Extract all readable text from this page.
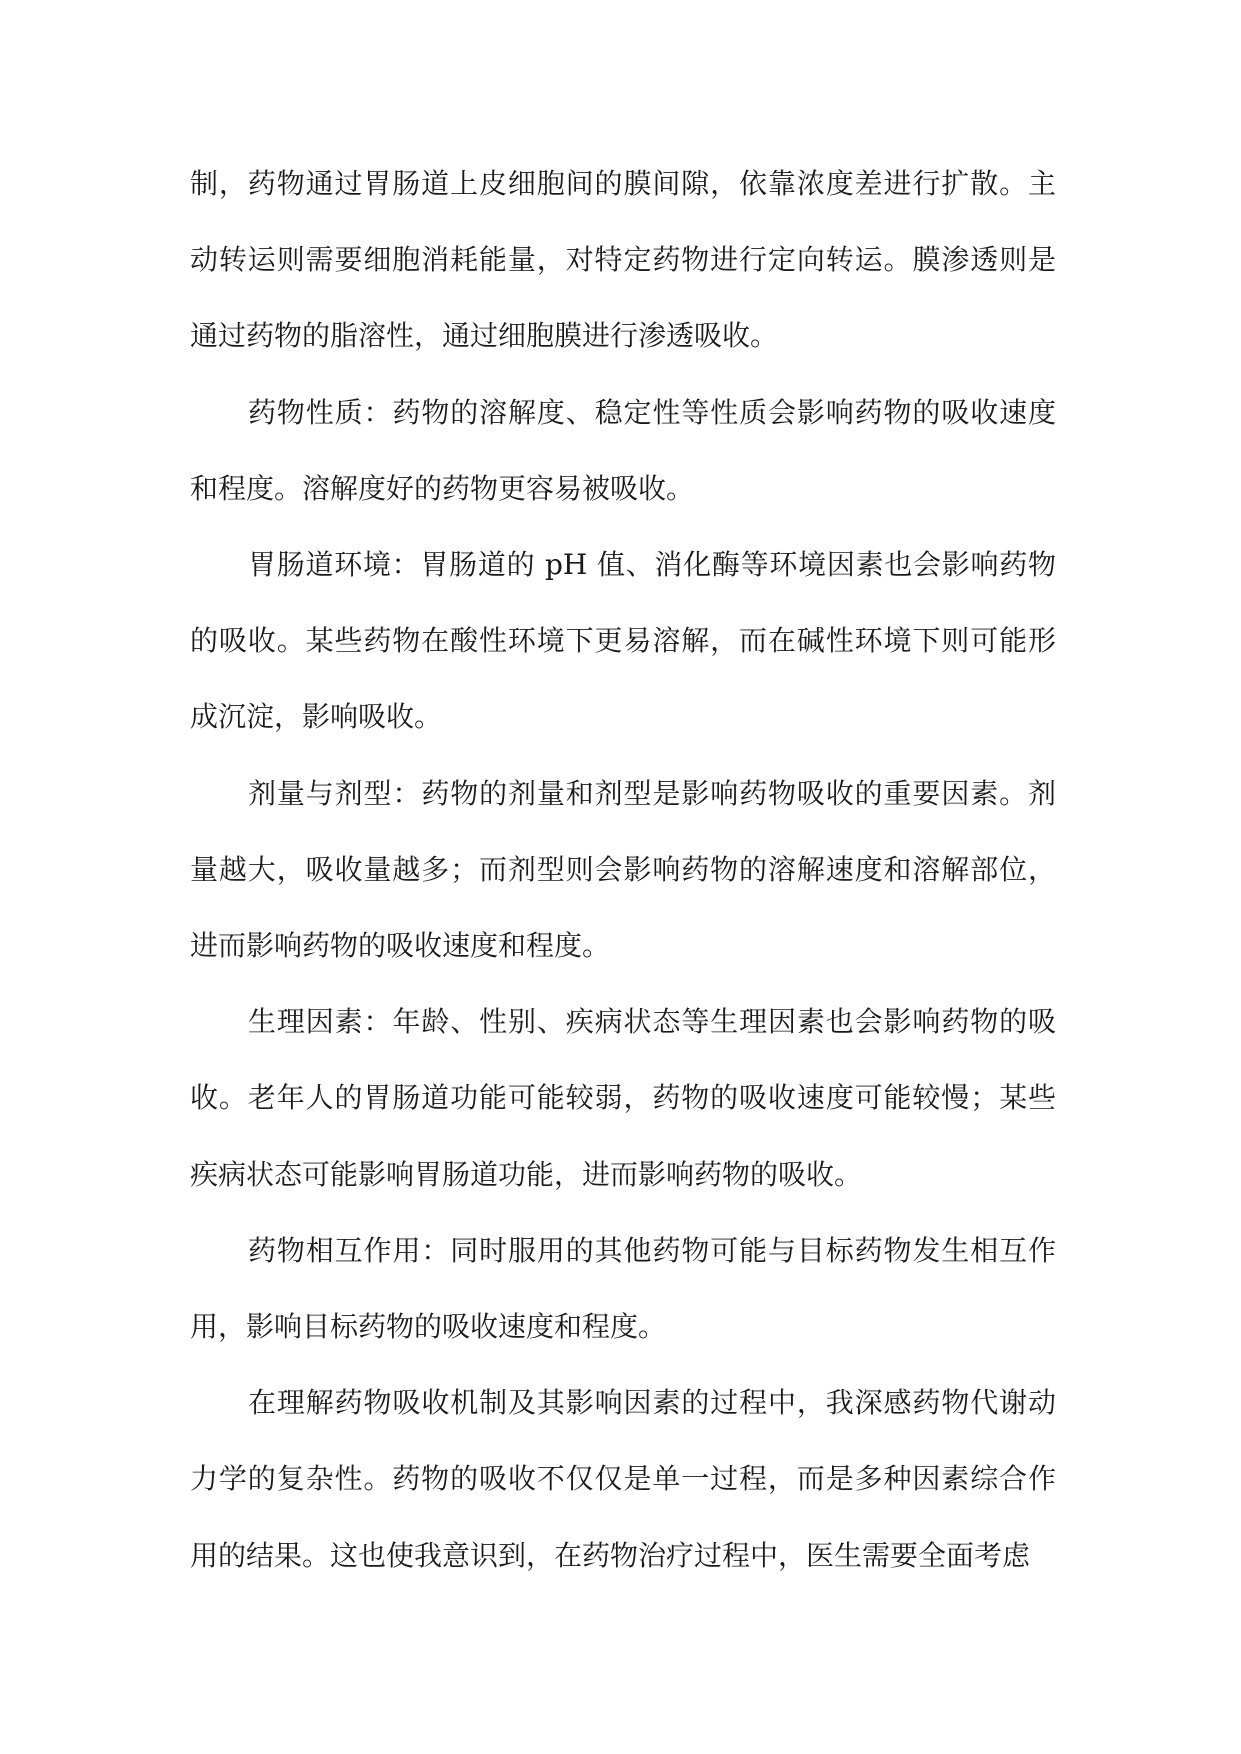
制，药物通过胃肠道上皮细胞间的膜间隙，依靠浓度差进行扩散。主动转运则需要细胞消耗能量，对特定药物进行定向转运。膜渗透则是通过药物的脂溶性，通过细胞膜进行渗透吸收。

药物性质：药物的溶解度、稳定性等性质会影响药物的吸收速度和程度。溶解度好的药物更容易被吸收。

胃肠道环境：胃肠道的 pH 值、消化酶等环境因素也会影响药物的吸收。某些药物在酸性环境下更易溶解，而在碱性环境下则可能形成沉淀，影响吸收。

剂量与剂型：药物的剂量和剂型是影响药物吸收的重要因素。剂量越大，吸收量越多；而剂型则会影响药物的溶解速度和溶解部位，进而影响药物的吸收速度和程度。

生理因素：年龄、性别、疾病状态等生理因素也会影响药物的吸收。老年人的胃肠道功能可能较弱，药物的吸收速度可能较慢；某些疾病状态可能影响胃肠道功能，进而影响药物的吸收。

药物相互作用：同时服用的其他药物可能与目标药物发生相互作用，影响目标药物的吸收速度和程度。

在理解药物吸收机制及其影响因素的过程中，我深感药物代谢动力学的复杂性。药物的吸收不仅仅是单一过程，而是多种因素综合作用的结果。这也使我意识到，在药物治疗过程中，医生需要全面考虑
